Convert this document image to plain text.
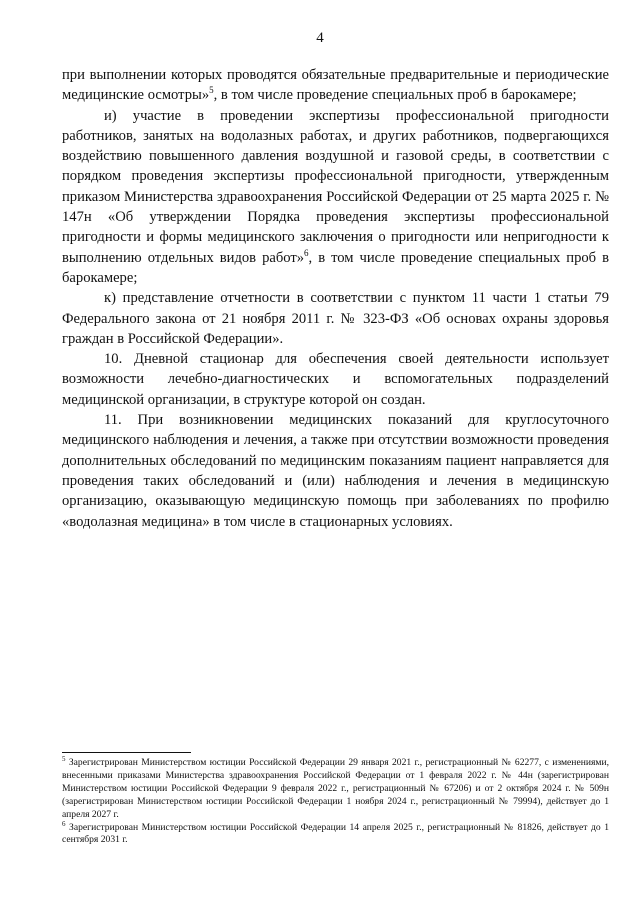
4

при выполнении которых проводятся обязательные предварительные и периодические медицинские осмотры»$^5$, в том числе проведение специальных проб в барокамере;

и) участие в проведении экспертизы профессиональной пригодности работников, занятых на водолазных работах, и других работников, подвергающихся воздействию повышенного давления воздушной и газовой среды, в соответствии с порядком проведения экспертизы профессиональной пригодности, утвержденным приказом Министерства здравоохранения Российской Федерации от 25 марта 2025 г. № 147н «Об утверждении Порядка проведения экспертизы профессиональной пригодности и формы медицинского заключения о пригодности или непригодности к выполнению отдельных видов работ»$^6$, в том числе проведение специальных проб в барокамере;

к) представление отчетности в соответствии с пунктом 11 части 1 статьи 79 Федерального закона от 21 ноября 2011 г. № 323-ФЗ «Об основах охраны здоровья граждан в Российской Федерации».

10. Дневной стационар для обеспечения своей деятельности использует возможности лечебно-диагностических и вспомогательных подразделений медицинской организации, в структуре которой он создан.

11. При возникновении медицинских показаний для круглосуточного медицинского наблюдения и лечения, а также при отсутствии возможности проведения дополнительных обследований по медицинским показаниям пациент направляется для проведения таких обследований и (или) наблюдения и лечения в медицинскую организацию, оказывающую медицинскую помощь при заболеваниях по профилю «водолазная медицина» в том числе в стационарных условиях.

$^5$ Зарегистрирован Министерством юстиции Российской Федерации 29 января 2021 г., регистрационный № 62277, с изменениями, внесенными приказами Министерства здравоохранения Российской Федерации от 1 февраля 2022 г. № 44н (зарегистрирован Министерством юстиции Российской Федерации 9 февраля 2022 г., регистрационный № 67206) и от 2 октября 2024 г. № 509н (зарегистрирован Министерством юстиции Российской Федерации 1 ноября 2024 г., регистрационный № 79994), действует до 1 апреля 2027 г.

$^6$ Зарегистрирован Министерством юстиции Российской Федерации 14 апреля 2025 г., регистрационный № 81826, действует до 1 сентября 2031 г.
